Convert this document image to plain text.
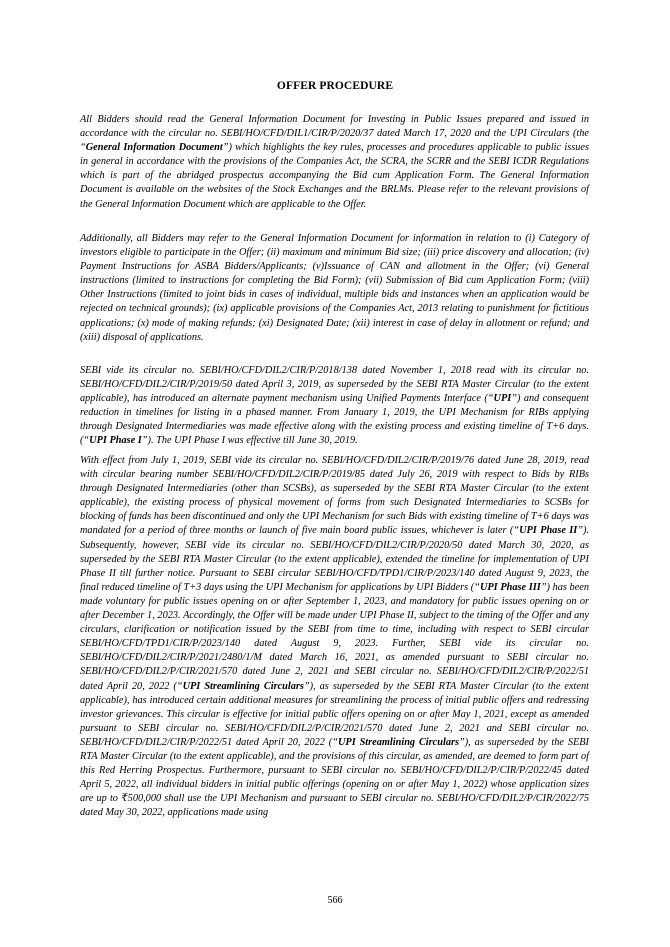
OFFER PROCEDURE

All Bidders should read the General Information Document for Investing in Public Issues prepared and issued in accordance with the circular no. SEBI/HO/CFD/DIL1/CIR/P/2020/37 dated March 17, 2020 and the UPI Circulars (the “General Information Document”) which highlights the key rules, processes and procedures applicable to public issues in general in accordance with the provisions of the Companies Act, the SCRA, the SCRR and the SEBI ICDR Regulations which is part of the abridged prospectus accompanying the Bid cum Application Form. The General Information Document is available on the websites of the Stock Exchanges and the BRLMs. Please refer to the relevant provisions of the General Information Document which are applicable to the Offer.

Additionally, all Bidders may refer to the General Information Document for information in relation to (i) Category of investors eligible to participate in the Offer; (ii) maximum and minimum Bid size; (iii) price discovery and allocation; (iv) Payment Instructions for ASBA Bidders/Applicants; (v)Issuance of CAN and allotment in the Offer; (vi) General instructions (limited to instructions for completing the Bid Form); (vii) Submission of Bid cum Application Form; (viii) Other Instructions (limited to joint bids in cases of individual, multiple bids and instances when an application would be rejected on technical grounds); (ix) applicable provisions of the Companies Act, 2013 relating to punishment for fictitious applications; (x) mode of making refunds; (xi) Designated Date; (xii) interest in case of delay in allotment or refund; and (xiii) disposal of applications.

SEBI vide its circular no. SEBI/HO/CFD/DIL2/CIR/P/2018/138 dated November 1, 2018 read with its circular no. SEBI/HO/CFD/DIL2/CIR/P/2019/50 dated April 3, 2019, as superseded by the SEBI RTA Master Circular (to the extent applicable), has introduced an alternate payment mechanism using Unified Payments Interface (“UPI”) and consequent reduction in timelines for listing in a phased manner. From January 1, 2019, the UPI Mechanism for RIBs applying through Designated Intermediaries was made effective along with the existing process and existing timeline of T+6 days. (“UPI Phase I”). The UPI Phase I was effective till June 30, 2019.

With effect from July 1, 2019, SEBI vide its circular no. SEBI/HO/CFD/DIL2/CIR/P/2019/76 dated June 28, 2019, read with circular bearing number SEBI/HO/CFD/DIL2/CIR/P/2019/85 dated July 26, 2019 with respect to Bids by RIBs through Designated Intermediaries (other than SCSBs), as superseded by the SEBI RTA Master Circular (to the extent applicable), the existing process of physical movement of forms from such Designated Intermediaries to SCSBs for blocking of funds has been discontinued and only the UPI Mechanism for such Bids with existing timeline of T+6 days was mandated for a period of three months or launch of five main board public issues, whichever is later (“UPI Phase II”). Subsequently, however, SEBI vide its circular no. SEBI/HO/CFD/DIL2/CIR/P/2020/50 dated March 30, 2020, as superseded by the SEBI RTA Master Circular (to the extent applicable), extended the timeline for implementation of UPI Phase II till further notice. Pursuant to SEBI circular SEBI/HO/CFD/TPD1/CIR/P/2023/140 dated August 9, 2023, the final reduced timeline of T+3 days using the UPI Mechanism for applications by UPI Bidders (“UPI Phase III”) has been made voluntary for public issues opening on or after September 1, 2023, and mandatory for public issues opening on or after December 1, 2023. Accordingly, the Offer will be made under UPI Phase II, subject to the timing of the Offer and any circulars, clarification or notification issued by the SEBI from time to time, including with respect to SEBI circular SEBI/HO/CFD/TPD1/CIR/P/2023/140 dated August 9, 2023. Further, SEBI vide its circular no. SEBI/HO/CFD/DIL2/CIR/P/2021/2480/1/M dated March 16, 2021, as amended pursuant to SEBI circular no. SEBI/HO/CFD/DIL2/P/CIR/2021/570 dated June 2, 2021 and SEBI circular no. SEBI/HO/CFD/DIL2/CIR/P/2022/51 dated April 20, 2022 (“UPI Streamlining Circulars”), as superseded by the SEBI RTA Master Circular (to the extent applicable), has introduced certain additional measures for streamlining the process of initial public offers and redressing investor grievances. This circular is effective for initial public offers opening on or after May 1, 2021, except as amended pursuant to SEBI circular no. SEBI/HO/CFD/DIL2/P/CIR/2021/570 dated June 2, 2021 and SEBI circular no. SEBI/HO/CFD/DIL2/CIR/P/2022/51 dated April 20, 2022 (“UPI Streamlining Circulars”), as superseded by the SEBI RTA Master Circular (to the extent applicable), and the provisions of this circular, as amended, are deemed to form part of this Red Herring Prospectus. Furthermore, pursuant to SEBI circular no. SEBI/HO/CFD/DIL2/P/CIR/P/2022/45 dated April 5, 2022, all individual bidders in initial public offerings (opening on or after May 1, 2022) whose application sizes are up to ₹500,000 shall use the UPI Mechanism and pursuant to SEBI circular no. SEBI/HO/CFD/DIL2/P/CIR/2022/75 dated May 30, 2022, applications made using

566
